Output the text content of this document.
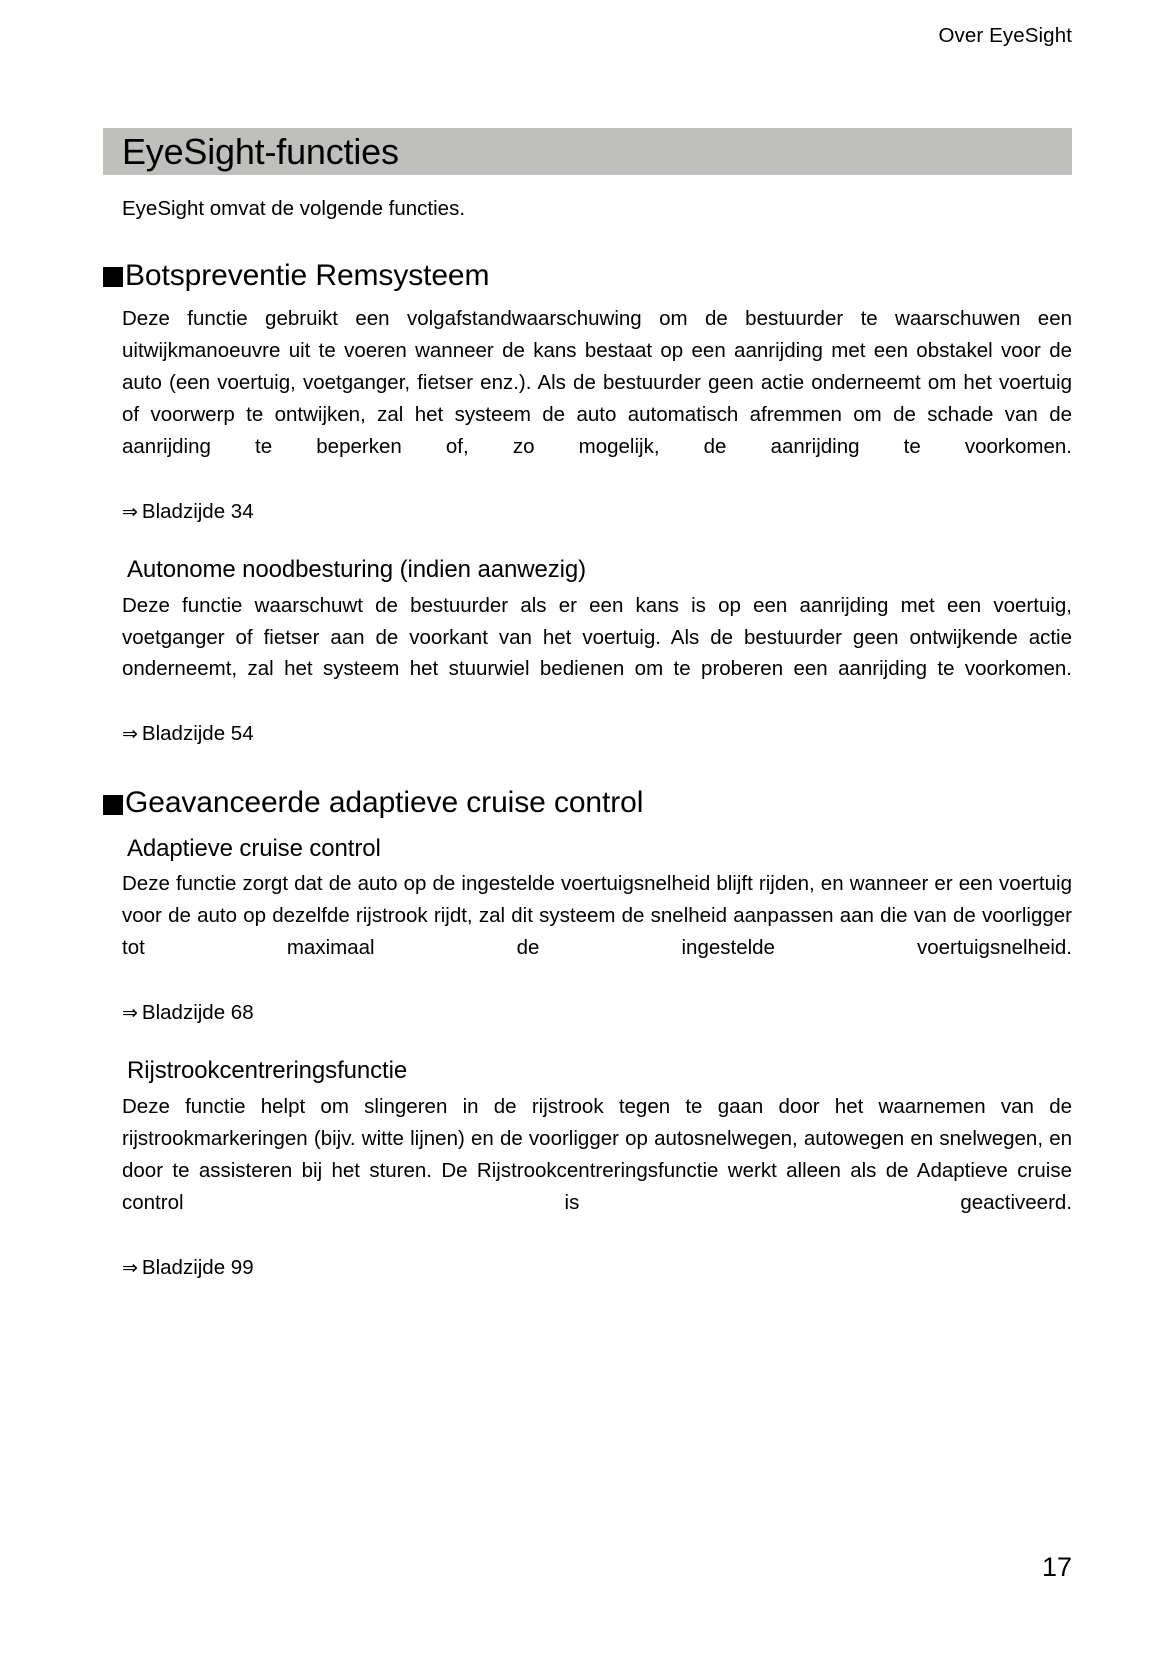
Over EyeSight
EyeSight-functies
EyeSight omvat de volgende functies.
Botspreventie Remsysteem

Deze functie gebruikt een volgafstandwaarschuwing om de bestuurder te waarschuwen een uitwijkmanoeuvre uit te voeren wanneer de kans bestaat op een aanrijding met een obstakel voor de auto (een voertuig, voetganger, fietser enz.). Als de bestuurder geen actie onderneemt om het voertuig of voorwerp te ontwijken, zal het systeem de auto automatisch afremmen om de schade van de aanrijding te beperken of, zo mogelijk, de aanrijding te voorkomen.

⇒ Bladzijde 34
Autonome noodbesturing (indien aanwezig)

Deze functie waarschuwt de bestuurder als er een kans is op een aanrijding met een voertuig, voetganger of fietser aan de voorkant van het voertuig. Als de bestuurder geen ontwijkende actie onderneemt, zal het systeem het stuurwiel bedienen om te proberen een aanrijding te voorkomen.

⇒ Bladzijde 54
Geavanceerde adaptieve cruise control
Adaptieve cruise control

Deze functie zorgt dat de auto op de ingestelde voertuigsnelheid blijft rijden, en wanneer er een voertuig voor de auto op dezelfde rijstrook rijdt, zal dit systeem de snelheid aanpassen aan die van de voorligger tot maximaal de ingestelde voertuigsnelheid.

⇒ Bladzijde 68
Rijstrookcentreringsfunctie

Deze functie helpt om slingeren in de rijstrook tegen te gaan door het waarnemen van de rijstrookmarkeringen (bijv. witte lijnen) en de voorligger op autosnelwegen, autowegen en snelwegen, en door te assisteren bij het sturen. De Rijstrookcentreringsfunctie werkt alleen als de Adaptieve cruise control is geactiveerd.

⇒ Bladzijde 99
17
